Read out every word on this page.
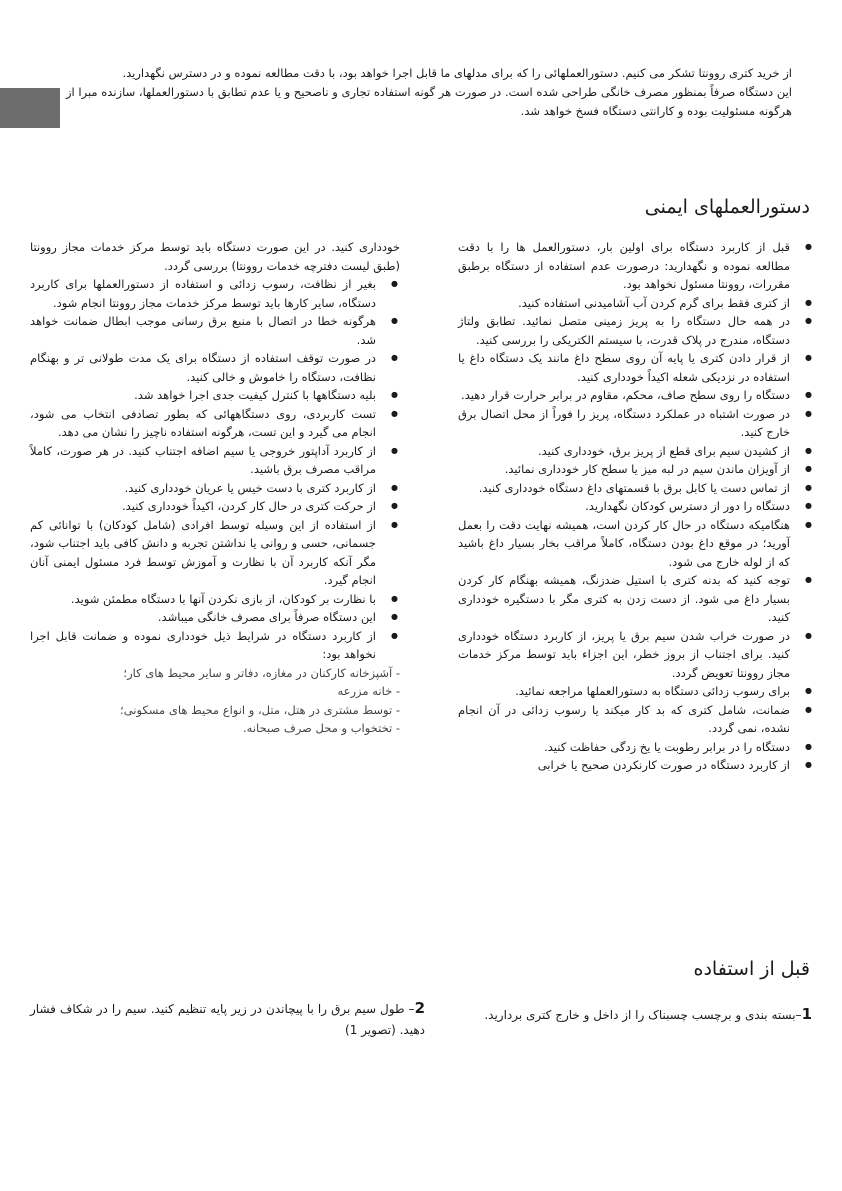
از خرید کتری روونتا تشکر می کنیم. دستورالعملهائی را که برای مدلهای ما قابل اجرا خواهد بود، با دقت مطالعه نموده و در دسترس نگهدارید.

این دستگاه صرفاً بمنظور مصرف خانگی طراحی شده است. در صورت هر گونه استفاده تجاری و ناصحیح و یا عدم تطابق با دستورالعملها، سازنده مبرا از هرگونه مسئولیت بوده و کارانتی دستگاه فسخ خواهد شد.

دستورالعملهای ایمنی
● قبل از کاربرد دستگاه برای اولین بار، دستورالعمل ها را با دقت مطالعه نموده و نگهدارید: درصورت عدم استفاده از دستگاه برطبق مقررات، روونتا مسئول نخواهد بود.
● از کتری فقط برای گرم کردن آب آشامیدنی استفاده کنید.
● در همه حال دستگاه را به پریز زمینی متصل نمائید. تطابق ولتاژ دستگاه، مندرج در پلاک قدرت، با سیستم الکتریکی را بررسی کنید.
● از قرار دادن کتری یا پایه آن روی سطح داغ مانند یک دستگاه داغ یا استفاده در نزدیکی شعله اکیداً خودداری کنید.
● دستگاه را روی سطح صاف، محکم، مقاوم در برابر حرارت قرار دهید.
● در صورت اشتباه در عملکرد دستگاه، پریز را فوراً از محل اتصال برق خارج کنید.
● از کشیدن سیم برای قطع از پریز برق، خودداری کنید.
● از آویزان ماندن سیم در لبه میز یا سطح کار خودداری نمائید.
● از تماس دست یا کابل برق با قسمتهای داغ دستگاه خودداری کنید.
● دستگاه را دور از دسترس کودکان نگهدارید.
● هنگامیکه دستگاه در حال کار کردن است، همیشه نهایت دقت را بعمل آورید؛ در موقع داغ بودن دستگاه، کاملاً مراقب بخار بسیار داغ باشید که از لوله خارج می شود.
● توجه کنید که بدنه کتری با استیل ضدزنگ، همیشه بهنگام کار کردن بسیار داغ می شود. از دست زدن به کتری مگر با دستگیره خودداری کنید.
● در صورت خراب شدن سیم برق یا پریز، از کاربرد دستگاه خودداری کنید. برای اجتناب از بروز خطر، این اجزاء باید توسط مرکز خدمات مجاز روونتا تعویض گردد.
● برای رسوب زدائی دستگاه به دستورالعملها مراجعه نمائید.
● ضمانت، شامل کتری که بد کار میکند یا رسوب زدائی در آن انجام نشده، نمی گردد.
● دستگاه را در برابر رطوبت یا یخ زدگی حفاظت کنید.
● از کاربرد دستگاه در صورت کارنکردن صحیح یا خرابی

خودداری کنید. در این صورت دستگاه باید توسط مرکز خدمات مجاز روونتا (طبق لیست دفترچه خدمات روونتا) بررسی گردد.

● بغیر از نظافت، رسوب زدائی و استفاده از دستورالعملها برای کاربرد دستگاه، سایر کارها باید توسط مرکز خدمات مجاز روونتا انجام شود.
● هرگونه خطا در اتصال با منبع برق رسانی موجب ابطال ضمانت خواهد شد.
● در صورت توقف استفاده از دستگاه برای یک مدت طولانی تر و بهنگام نظافت، دستگاه را خاموش و خالی کنید.
● بلیه دستگاهها با کنترل کیفیت جدی اجرا خواهد شد.
● تست کاربردی، روی دستگاههائی که بطور تصادفی انتخاب می شود، انجام می گیرد و این تست، هرگونه استفاده ناچیز را نشان می دهد.
● از کاربرد آداپتور خروجی یا سیم اضافه اجتناب کنید. در هر صورت، کاملاً مراقب مصرف برق باشید.
● از کاربرد کتری با دست خیس یا عریان خودداری کنید.
● از حرکت کتری در حال کار کردن، اکیداً خودداری کنید.
● از استفاده از این وسیله توسط افرادی (شامل کودکان) با توانائی کم جسمانی، حسی و روانی یا نداشتن تجربه و دانش کافی باید اجتناب شود، مگر آنکه کاربرد آن با نظارت و آموزش توسط فرد مسئول ایمنی آنان انجام گیرد.
● با نظارت بر کودکان، از بازی نکردن آنها با دستگاه مطمئن شوید.
● این دستگاه صرفاً برای مصرف خانگی میباشد.
● از کاربرد دستگاه در شرایط ذیل خودداری نموده و ضمانت قابل اجرا نخواهد بود:

- آشپزخانه کارکنان در مغازه، دفاتر و سایر محیط های کار؛

- خانه مزرعه

- توسط مشتری در هتل، متل، و انواع محیط های مسکونی؛

- تختخواب و محل صرف صبحانه.

قبل از استفاده
1–بسته بندی و برچسب چسبناک را از داخل و خارج کتری بردارید.
2– طول سیم برق را با پیچاندن در زیر پایه تنظیم کنید. سیم را در شکاف فشار دهید. (تصویر 1)
